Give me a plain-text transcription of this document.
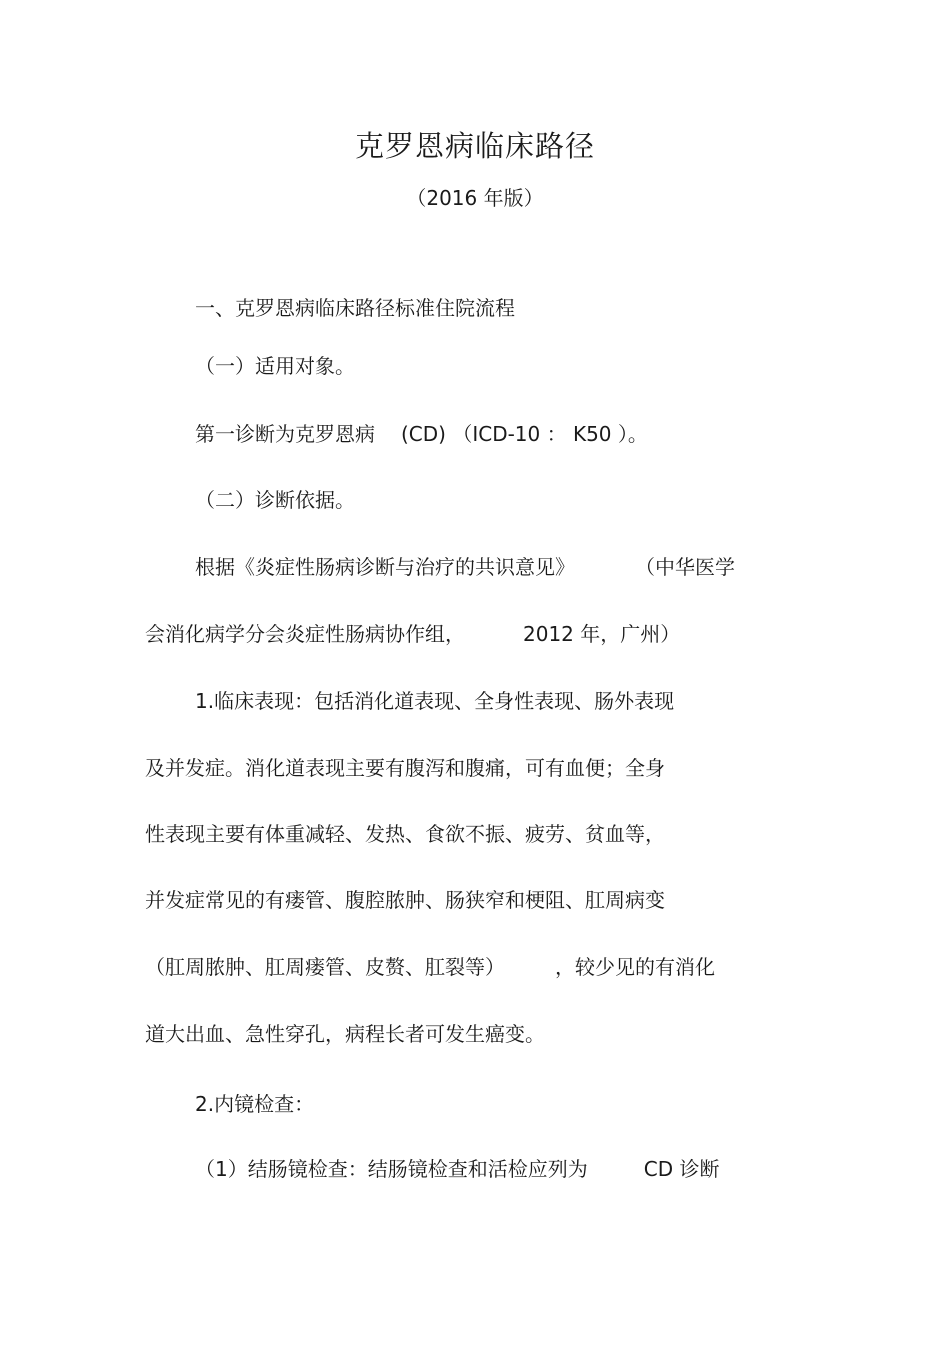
克罗恩病临床路径

（2016 年版）

一、克罗恩病临床路径标准住院流程

（一）适用对象。

第一诊断为克罗恩病 (CD) （ICD-10 ： K50 ）。

（二）诊断依据。

根据《炎症性肠病诊断与治疗的共识意见》	（中华医学

会消化病学分会炎症性肠病协作组，	2012 年，广州）

1.临床表现：包括消化道表现、全身性表现、肠外表现

及并发症。消化道表现主要有腹泻和腹痛，可有血便；全身

性表现主要有体重减轻、发热、食欲不振、疲劳、贫血等，

并发症常见的有瘘管、腹腔脓肿、肠狭窄和梗阻、肛周病变

（肛周脓肿、肛周瘘管、皮赘、肛裂等）	，较少见的有消化

道大出血、急性穿孔，病程长者可发生癌变。

2.内镜检查：

（1）结肠镜检查：结肠镜检查和活检应列为	CD 诊断
